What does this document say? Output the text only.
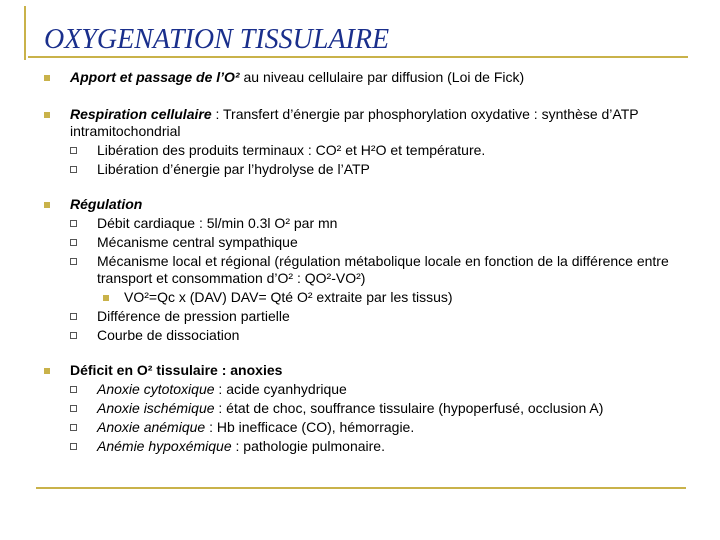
OXYGENATION TISSULAIRE
Apport et passage de l’O² au niveau cellulaire par diffusion (Loi de Fick)
Respiration cellulaire : Transfert d’énergie par phosphorylation oxydative : synthèse d’ATP intramitochondrial
Libération des produits terminaux : CO² et H²O et température.
Libération d’énergie par l’hydrolyse de l’ATP
Régulation
Débit cardiaque : 5l/min 0.3l O² par mn
Mécanisme central sympathique
Mécanisme local et régional (régulation métabolique locale en fonction de la différence entre transport et consommation d’O² : QO²-VO²)
VO²=Qc x (DAV) DAV= Qté O² extraite par les tissus)
Différence de pression partielle
Courbe de dissociation
Déficit en O² tissulaire : anoxies
Anoxie cytotoxique : acide cyanhydrique
Anoxie ischémique : état de choc, souffrance tissulaire (hypoperfusé, occlusion A)
Anoxie anémique : Hb inefficace (CO), hémorragie.
Anémie hypoxémique : pathologie pulmonaire.
